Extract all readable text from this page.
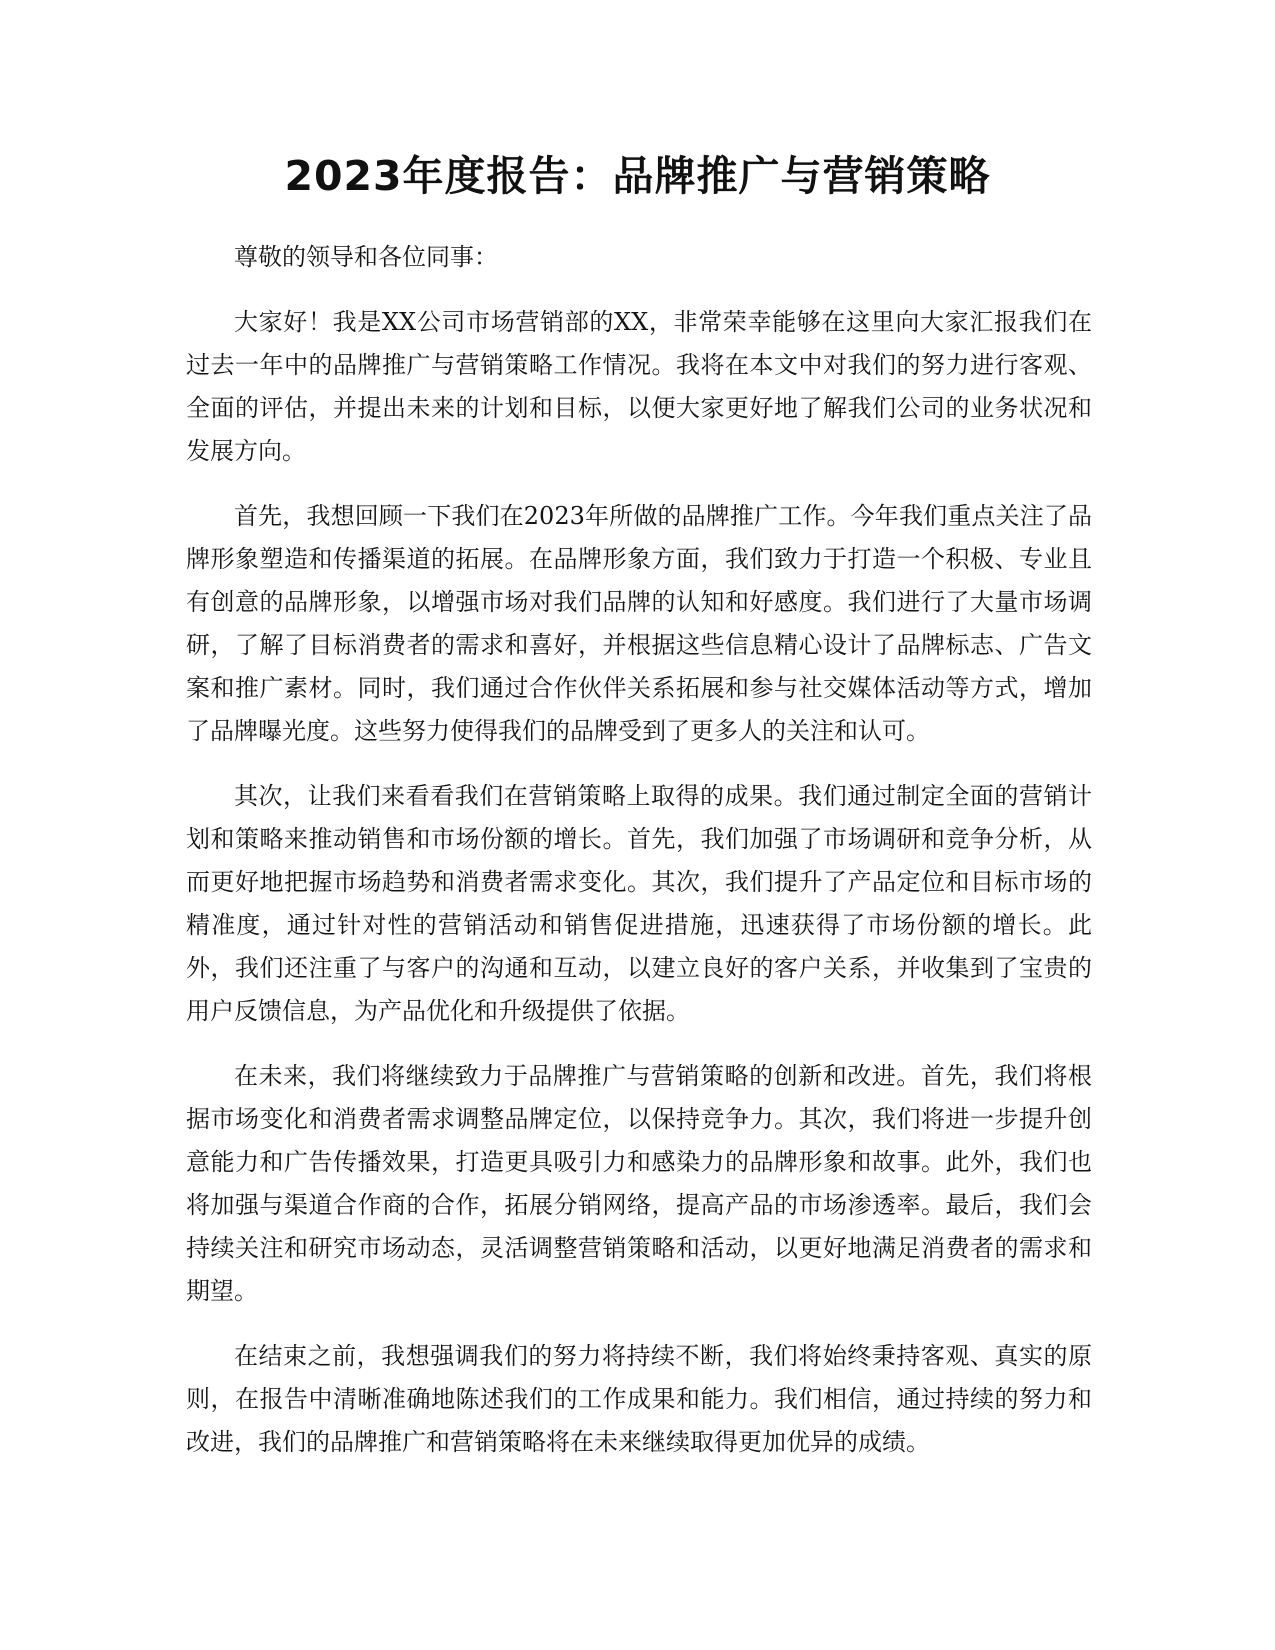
2023年度报告：品牌推广与营销策略

尊敬的领导和各位同事：

大家好！我是XX公司市场营销部的XX，非常荣幸能够在这里向大家汇报我们在过去一年中的品牌推广与营销策略工作情况。我将在本文中对我们的努力进行客观、全面的评估，并提出未来的计划和目标，以便大家更好地了解我们公司的业务状况和发展方向。

首先，我想回顾一下我们在2023年所做的品牌推广工作。今年我们重点关注了品牌形象塑造和传播渠道的拓展。在品牌形象方面，我们致力于打造一个积极、专业且有创意的品牌形象，以增强市场对我们品牌的认知和好感度。我们进行了大量市场调研，了解了目标消费者的需求和喜好，并根据这些信息精心设计了品牌标志、广告文案和推广素材。同时，我们通过合作伙伴关系拓展和参与社交媒体活动等方式，增加了品牌曝光度。这些努力使得我们的品牌受到了更多人的关注和认可。

其次，让我们来看看我们在营销策略上取得的成果。我们通过制定全面的营销计划和策略来推动销售和市场份额的增长。首先，我们加强了市场调研和竞争分析，从而更好地把握市场趋势和消费者需求变化。其次，我们提升了产品定位和目标市场的精准度，通过针对性的营销活动和销售促进措施，迅速获得了市场份额的增长。此外，我们还注重了与客户的沟通和互动，以建立良好的客户关系，并收集到了宝贵的用户反馈信息，为产品优化和升级提供了依据。

在未来，我们将继续致力于品牌推广与营销策略的创新和改进。首先，我们将根据市场变化和消费者需求调整品牌定位，以保持竞争力。其次，我们将进一步提升创意能力和广告传播效果，打造更具吸引力和感染力的品牌形象和故事。此外，我们也将加强与渠道合作商的合作，拓展分销网络，提高产品的市场渗透率。最后，我们会持续关注和研究市场动态，灵活调整营销策略和活动，以更好地满足消费者的需求和期望。

在结束之前，我想强调我们的努力将持续不断，我们将始终秉持客观、真实的原则，在报告中清晰准确地陈述我们的工作成果和能力。我们相信，通过持续的努力和改进，我们的品牌推广和营销策略将在未来继续取得更加优异的成绩。
